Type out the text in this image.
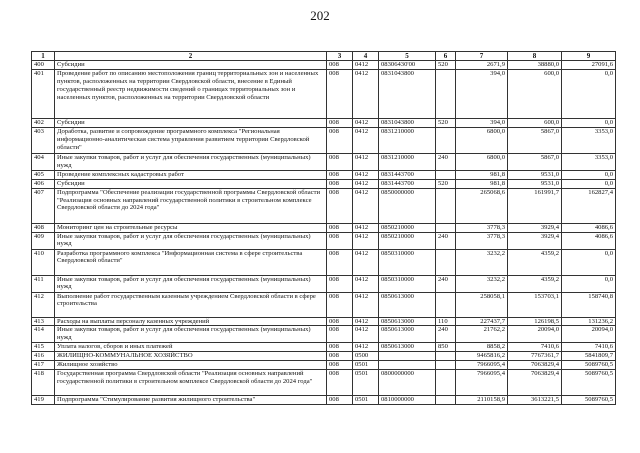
202
1	2	3	4	5	6	7	8	9
400	Субсидии	008	0412	08306430'00	520	2671,9	38880,0	27091,6
401	Проведение работ по описанию местоположения границ территориальных зон и населенных пунктов, расположенных на территории Свердловской области, внесение в Единый государственный реестр недвижимости сведений о границах территориальных зон и населенных пунктов, расположенных на территории Свердловской области	008	0412	0831043800		394,0	600,0	0,0
402	Субсидии	008	0412	0831043800	520	394,0	600,0	0,0
403	Доработка, развитие и сопровождение программного комплекса "Региональная информационно-аналитическая система управления развитием территории Свердловской области"	008	0412	0831210000		6800,0	5867,0	3353,0
404	Иные закупки товаров, работ и услуг для обеспечения государственных (муниципальных) нужд	008	0412	0831210000	240	6800,0	5867,0	3353,0
405	Проведение комплексных кадастровых работ	008	0412	0831443700		981,8	9531,0	0,0
406	Субсидии	008	0412	0831443700	520	981,8	9531,0	0,0
407	Подпрограмма "Обеспечение реализации государственной программы Свердловской области "Реализация основных направлений государственной политики в строительном комплексе Свердловской области до 2024 года"	008	0412	0850000000		265068,6	161991,7	162827,4
408	Мониторинг цен на строительные ресурсы	008	0412	0850210000		3778,3	3929,4	4086,6
409	Иные закупки товаров, работ и услуг для обеспечения государственных (муниципальных) нужд	008	0412	0850210000	240	3778,3	3929,4	4086,6
410	Разработка программного комплекса "Информационная система в сфере строительства Свердловской области"	008	0412	0850310000		3232,2	4359,2	0,0
411	Иные закупки товаров, работ и услуг для обеспечения государственных (муниципальных) нужд	008	0412	0850310000	240	3232,2	4359,2	0,0
412	Выполнение работ государственным казенным учреждением Свердловской области в сфере строительства	008	0412	0850613000		258058,1	153703,1	158740,8
413	Расходы на выплаты персоналу казенных учреждений	008	0412	0850613000	110	227437,7	126198,5	131236,2
414	Иные закупки товаров, работ и услуг для обеспечения государственных (муниципальных) нужд	008	0412	0850613000	240	21762,2	20094,0	20094,0
415	Уплата налогов, сборов и иных платежей	008	0412	0850613000	850	8858,2	7410,6	7410,6
416	ЖИЛИЩНО-КОММУНАЛЬНОЕ ХОЗЯЙСТВО	008	0500			9465816,2	7767361,7	5841809,7
417	Жилищное хозяйство	008	0501			7966095,4	7063829,4	5089760,5
418	Государственная программа Свердловской области "Реализация основных направлений государственной политики в строительном комплексе Свердловской области до 2024 года"	008	0501	0800000000		7966095,4	7063829,4	5089760,5
419	Подпрограмма "Стимулирование развития жилищного строительства"	008	0501	0810000000		2110158,9	3613221,5	5089760,5
